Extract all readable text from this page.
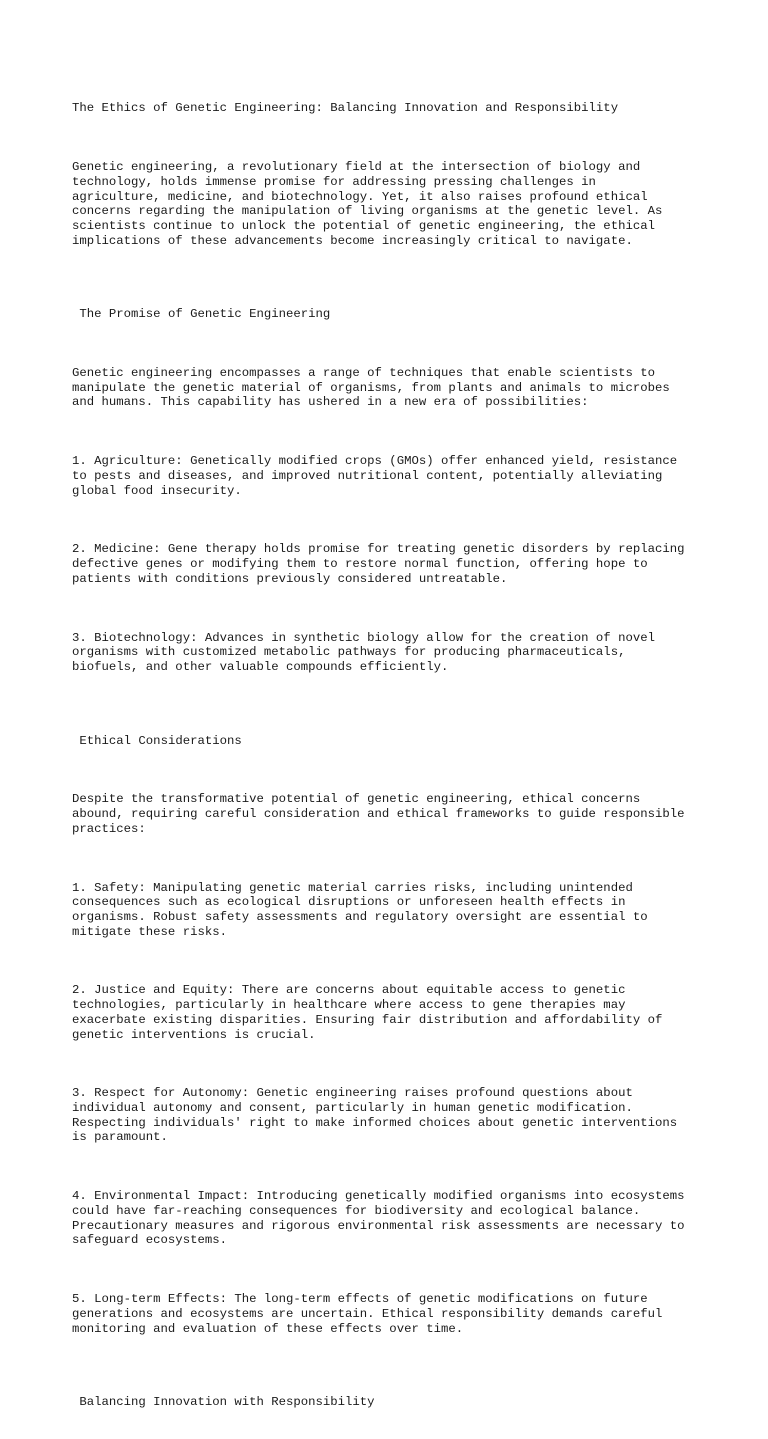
The Ethics of Genetic Engineering: Balancing Innovation and Responsibility

Genetic engineering, a revolutionary field at the intersection of biology and
technology, holds immense promise for addressing pressing challenges in
agriculture, medicine, and biotechnology. Yet, it also raises profound ethical
concerns regarding the manipulation of living organisms at the genetic level. As
scientists continue to unlock the potential of genetic engineering, the ethical
implications of these advancements become increasingly critical to navigate.

The Promise of Genetic Engineering

Genetic engineering encompasses a range of techniques that enable scientists to
manipulate the genetic material of organisms, from plants and animals to microbes
and humans. This capability has ushered in a new era of possibilities:

1. Agriculture: Genetically modified crops (GMOs) offer enhanced yield, resistance
to pests and diseases, and improved nutritional content, potentially alleviating
global food insecurity.

2. Medicine: Gene therapy holds promise for treating genetic disorders by replacing
defective genes or modifying them to restore normal function, offering hope to
patients with conditions previously considered untreatable.

3. Biotechnology: Advances in synthetic biology allow for the creation of novel
organisms with customized metabolic pathways for producing pharmaceuticals,
biofuels, and other valuable compounds efficiently.

Ethical Considerations

Despite the transformative potential of genetic engineering, ethical concerns
abound, requiring careful consideration and ethical frameworks to guide responsible
practices:

1. Safety: Manipulating genetic material carries risks, including unintended
consequences such as ecological disruptions or unforeseen health effects in
organisms. Robust safety assessments and regulatory oversight are essential to
mitigate these risks.

2. Justice and Equity: There are concerns about equitable access to genetic
technologies, particularly in healthcare where access to gene therapies may
exacerbate existing disparities. Ensuring fair distribution and affordability of
genetic interventions is crucial.

3. Respect for Autonomy: Genetic engineering raises profound questions about
individual autonomy and consent, particularly in human genetic modification.
Respecting individuals' right to make informed choices about genetic interventions
is paramount.

4. Environmental Impact: Introducing genetically modified organisms into ecosystems
could have far-reaching consequences for biodiversity and ecological balance.
Precautionary measures and rigorous environmental risk assessments are necessary to
safeguard ecosystems.

5. Long-term Effects: The long-term effects of genetic modifications on future
generations and ecosystems are uncertain. Ethical responsibility demands careful
monitoring and evaluation of these effects over time.

Balancing Innovation with Responsibility
